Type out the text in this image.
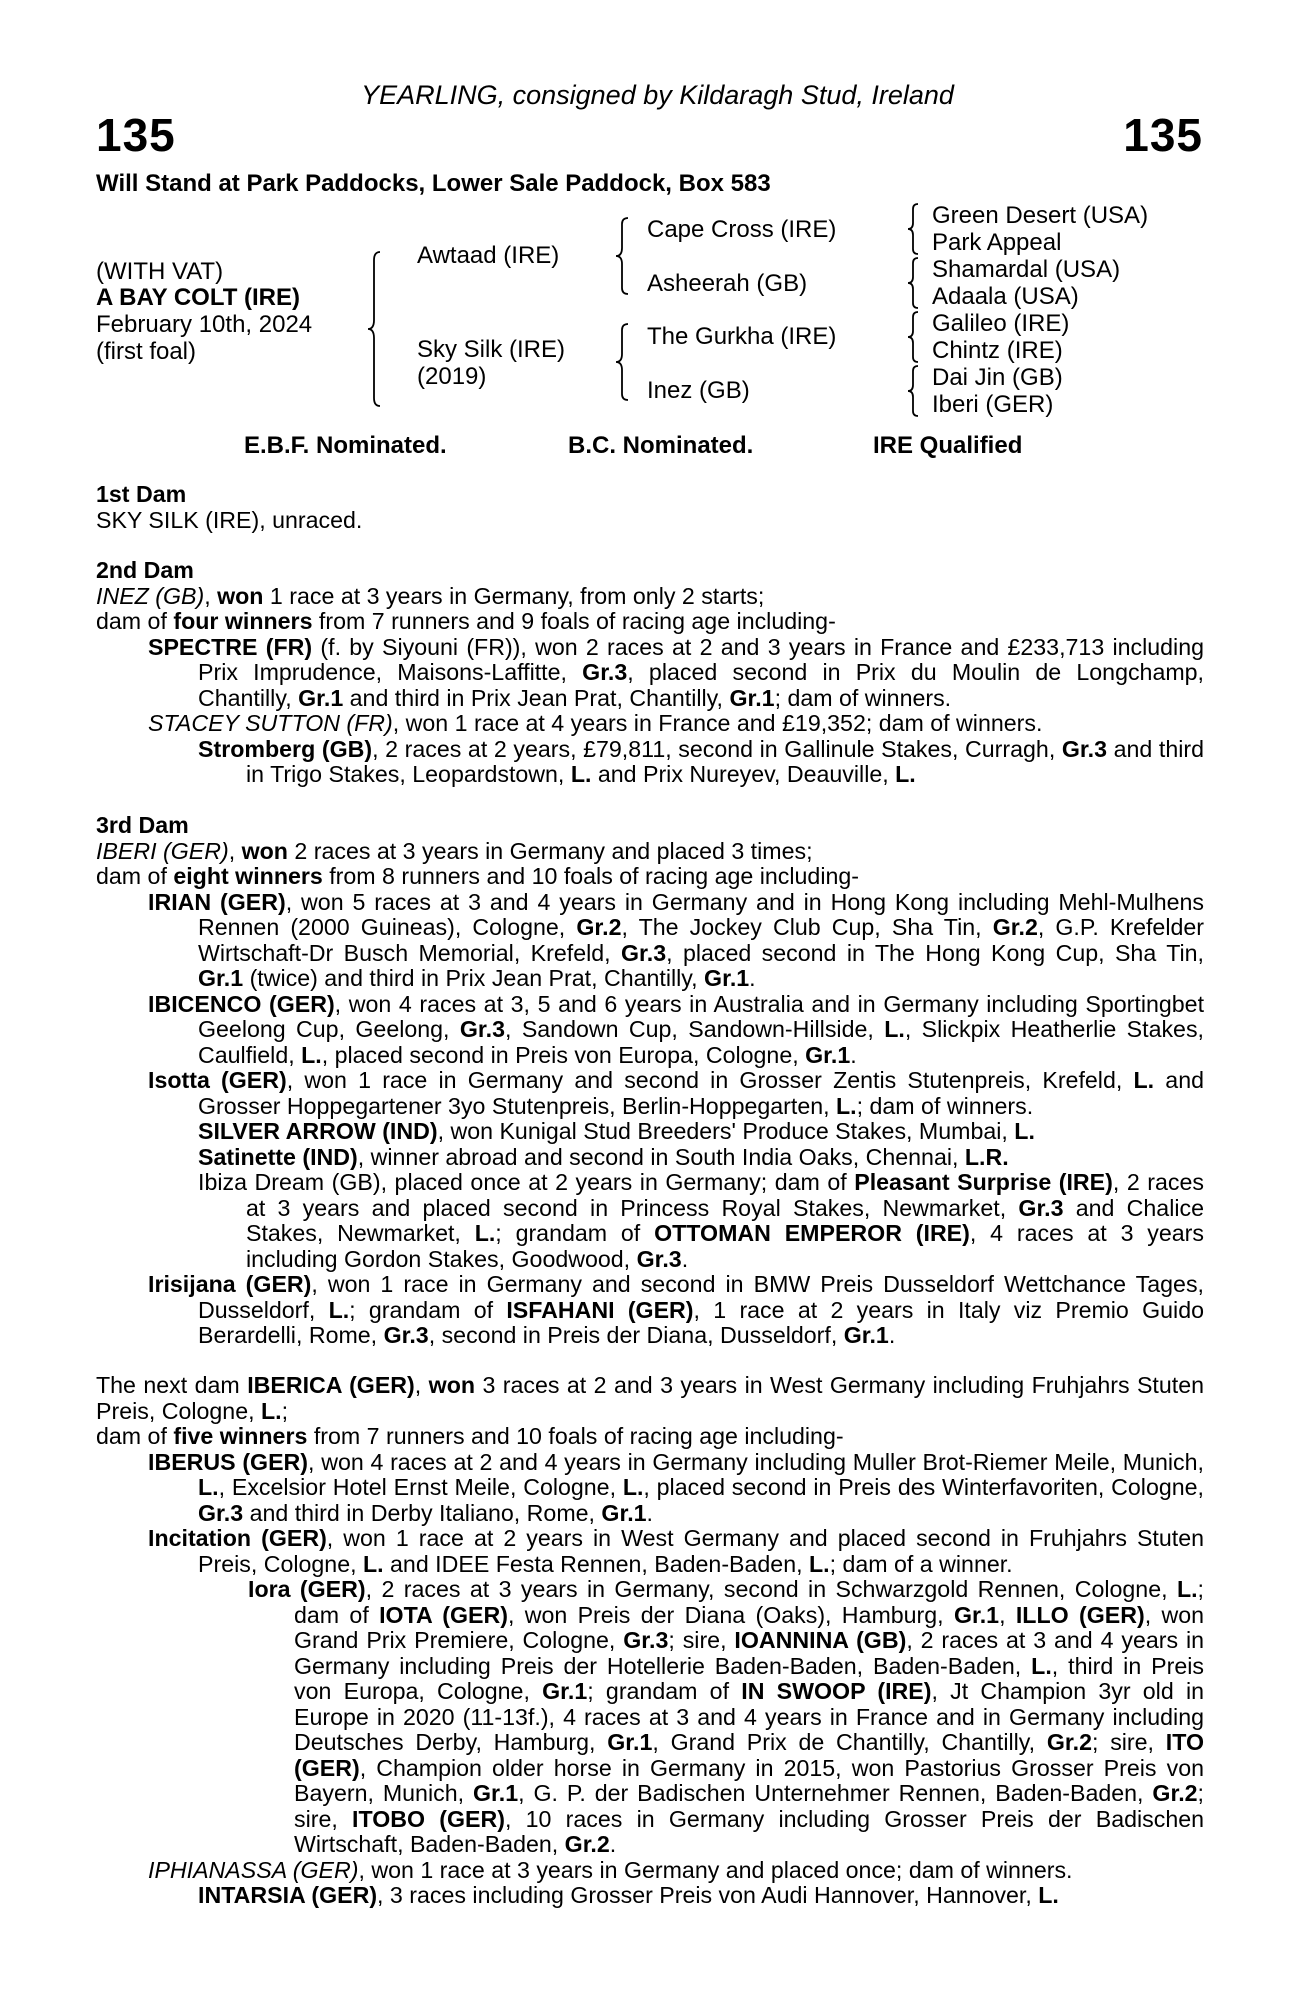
YEARLING, consigned by Kildaragh Stud, Ireland
135	135
Will Stand at Park Paddocks, Lower Sale Paddock, Box 583
(WITH VAT)
A BAY COLT (IRE)
February 10th, 2024
(first foal)
Awtaad (IRE)
Sky Silk (IRE)
(2019)
Cape Cross (IRE)
Asheerah (GB)
The Gurkha (IRE)
Inez (GB)
Green Desert (USA)
Park Appeal
Shamardal (USA)
Adaala (USA)
Galileo (IRE)
Chintz (IRE)
Dai Jin (GB)
Iberi (GER)
E.B.F. Nominated.	B.C. Nominated.	IRE Qualified

1st Dam

SKY SILK (IRE), unraced.

2nd Dam

INEZ (GB), won 1 race at 3 years in Germany, from only 2 starts;

dam of four winners from 7 runners and 9 foals of racing age including-

SPECTRE (FR) (f. by Siyouni (FR)), won 2 races at 2 and 3 years in France and £233,713 including Prix Imprudence, Maisons-Laffitte, Gr.3, placed second in Prix du Moulin de Longchamp, Chantilly, Gr.1 and third in Prix Jean Prat, Chantilly, Gr.1; dam of winners.

STACEY SUTTON (FR), won 1 race at 4 years in France and £19,352; dam of winners.

Stromberg (GB), 2 races at 2 years, £79,811, second in Gallinule Stakes, Curragh, Gr.3 and third in Trigo Stakes, Leopardstown, L. and Prix Nureyev, Deauville, L.

3rd Dam

IBERI (GER), won 2 races at 3 years in Germany and placed 3 times;

dam of eight winners from 8 runners and 10 foals of racing age including-

IRIAN (GER), won 5 races at 3 and 4 years in Germany and in Hong Kong including Mehl-Mulhens Rennen (2000 Guineas), Cologne, Gr.2, The Jockey Club Cup, Sha Tin, Gr.2, G.P. Krefelder Wirtschaft-Dr Busch Memorial, Krefeld, Gr.3, placed second in The Hong Kong Cup, Sha Tin, Gr.1 (twice) and third in Prix Jean Prat, Chantilly, Gr.1.

IBICENCO (GER), won 4 races at 3, 5 and 6 years in Australia and in Germany including Sportingbet Geelong Cup, Geelong, Gr.3, Sandown Cup, Sandown-Hillside, L., Slickpix Heatherlie Stakes, Caulfield, L., placed second in Preis von Europa, Cologne, Gr.1.

Isotta (GER), won 1 race in Germany and second in Grosser Zentis Stutenpreis, Krefeld, L. and Grosser Hoppegartener 3yo Stutenpreis, Berlin-Hoppegarten, L.; dam of winners.

SILVER ARROW (IND), won Kunigal Stud Breeders' Produce Stakes, Mumbai, L.

Satinette (IND), winner abroad and second in South India Oaks, Chennai, L.R.

Ibiza Dream (GB), placed once at 2 years in Germany; dam of Pleasant Surprise (IRE), 2 races at 3 years and placed second in Princess Royal Stakes, Newmarket, Gr.3 and Chalice Stakes, Newmarket, L.; grandam of OTTOMAN EMPEROR (IRE), 4 races at 3 years including Gordon Stakes, Goodwood, Gr.3.

Irisijana (GER), won 1 race in Germany and second in BMW Preis Dusseldorf Wettchance Tages, Dusseldorf, L.; grandam of ISFAHANI (GER), 1 race at 2 years in Italy viz Premio Guido Berardelli, Rome, Gr.3, second in Preis der Diana, Dusseldorf, Gr.1.

The next dam IBERICA (GER), won 3 races at 2 and 3 years in West Germany including Fruhjahrs Stuten Preis, Cologne, L.;

dam of five winners from 7 runners and 10 foals of racing age including-

IBERUS (GER), won 4 races at 2 and 4 years in Germany including Muller Brot-Riemer Meile, Munich, L., Excelsior Hotel Ernst Meile, Cologne, L., placed second in Preis des Winterfavoriten, Cologne, Gr.3 and third in Derby Italiano, Rome, Gr.1.

Incitation (GER), won 1 race at 2 years in West Germany and placed second in Fruhjahrs Stuten Preis, Cologne, L. and IDEE Festa Rennen, Baden-Baden, L.; dam of a winner.

Iora (GER), 2 races at 3 years in Germany, second in Schwarzgold Rennen, Cologne, L.; dam of IOTA (GER), won Preis der Diana (Oaks), Hamburg, Gr.1, ILLO (GER), won Grand Prix Premiere, Cologne, Gr.3; sire, IOANNINA (GB), 2 races at 3 and 4 years in Germany including Preis der Hotellerie Baden-Baden, Baden-Baden, L., third in Preis von Europa, Cologne, Gr.1; grandam of IN SWOOP (IRE), Jt Champion 3yr old in Europe in 2020 (11-13f.), 4 races at 3 and 4 years in France and in Germany including Deutsches Derby, Hamburg, Gr.1, Grand Prix de Chantilly, Chantilly, Gr.2; sire, ITO (GER), Champion older horse in Germany in 2015, won Pastorius Grosser Preis von Bayern, Munich, Gr.1, G. P. der Badischen Unternehmer Rennen, Baden-Baden, Gr.2; sire, ITOBO (GER), 10 races in Germany including Grosser Preis der Badischen Wirtschaft, Baden-Baden, Gr.2.

IPHIANASSA (GER), won 1 race at 3 years in Germany and placed once; dam of winners.

INTARSIA (GER), 3 races including Grosser Preis von Audi Hannover, Hannover, L.
